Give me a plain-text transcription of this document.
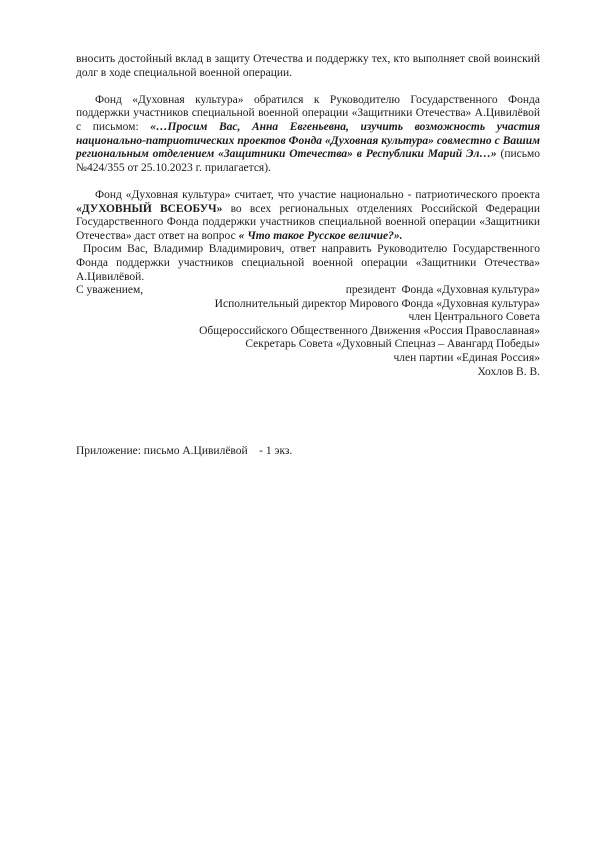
вносить достойный вклад в защиту Отечества и поддержку тех, кто выполняет свой воинский долг в ходе специальной военной операции.

Фонд «Духовная культура» обратился к Руководителю Государственного Фонда поддержки участников специальной военной операции «Защитники Отечества» А.Цивилёвой с письмом: «…Просим Вас, Анна Евгеньевна, изучить возможность участия национально-патриотических проектов Фонда «Духовная культура» совместно с Вашим региональным отделением «Защитники Отечества» в Республики Марий Эл…» (письмо №424/355 от 25.10.2023 г. прилагается).

Фонд «Духовная культура» считает, что участие национально - патриотического проекта «ДУХОВНЫЙ ВСЕОБУЧ» во всех региональных отделениях Российской Федерации Государственного Фонда поддержки участников специальной военной операции «Защитники Отечества» даст ответ на вопрос « Что такое Русское величие?».

Просим Вас, Владимир Владимирович, ответ направить Руководителю Государственного Фонда поддержки участников специальной военной операции «Защитники Отечества» А.Цивилёвой.

С уважением,	президент  Фонда «Духовная культура»
Исполнительный директор Мирового Фонда «Духовная культура»
член Центрального Совета
Общероссийского Общественного Движения «Россия Православная»
Секретарь Совета «Духовный Спецназ – Авангард Победы»
член партии «Единая Россия»
Хохлов В. В.
Приложение: письмо А.Цивилёвой    - 1 экз.
